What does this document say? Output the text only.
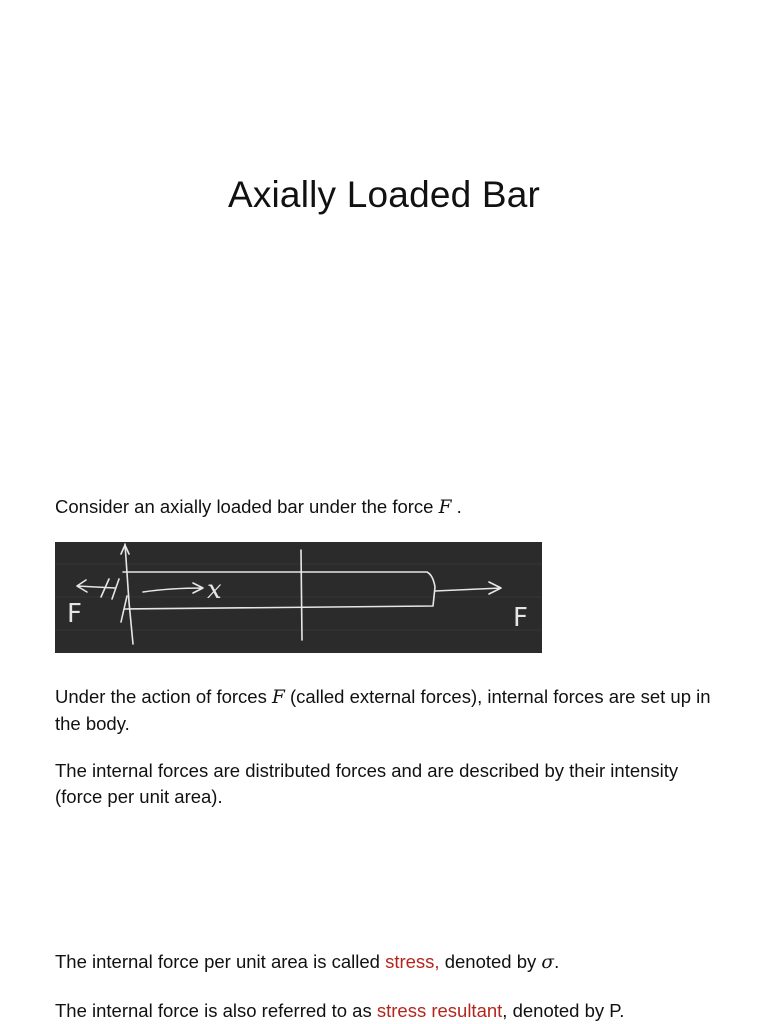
Axially Loaded Bar

Consider an axially loaded bar under the force F .

F	F
x

Under the action of forces F (called external forces), internal forces are set up in the body.

The internal forces are distributed forces and are described by their intensity (force per unit area).

The internal force per unit area is called stress, denoted by σ.

The internal force is also referred to as stress resultant, denoted by P.
